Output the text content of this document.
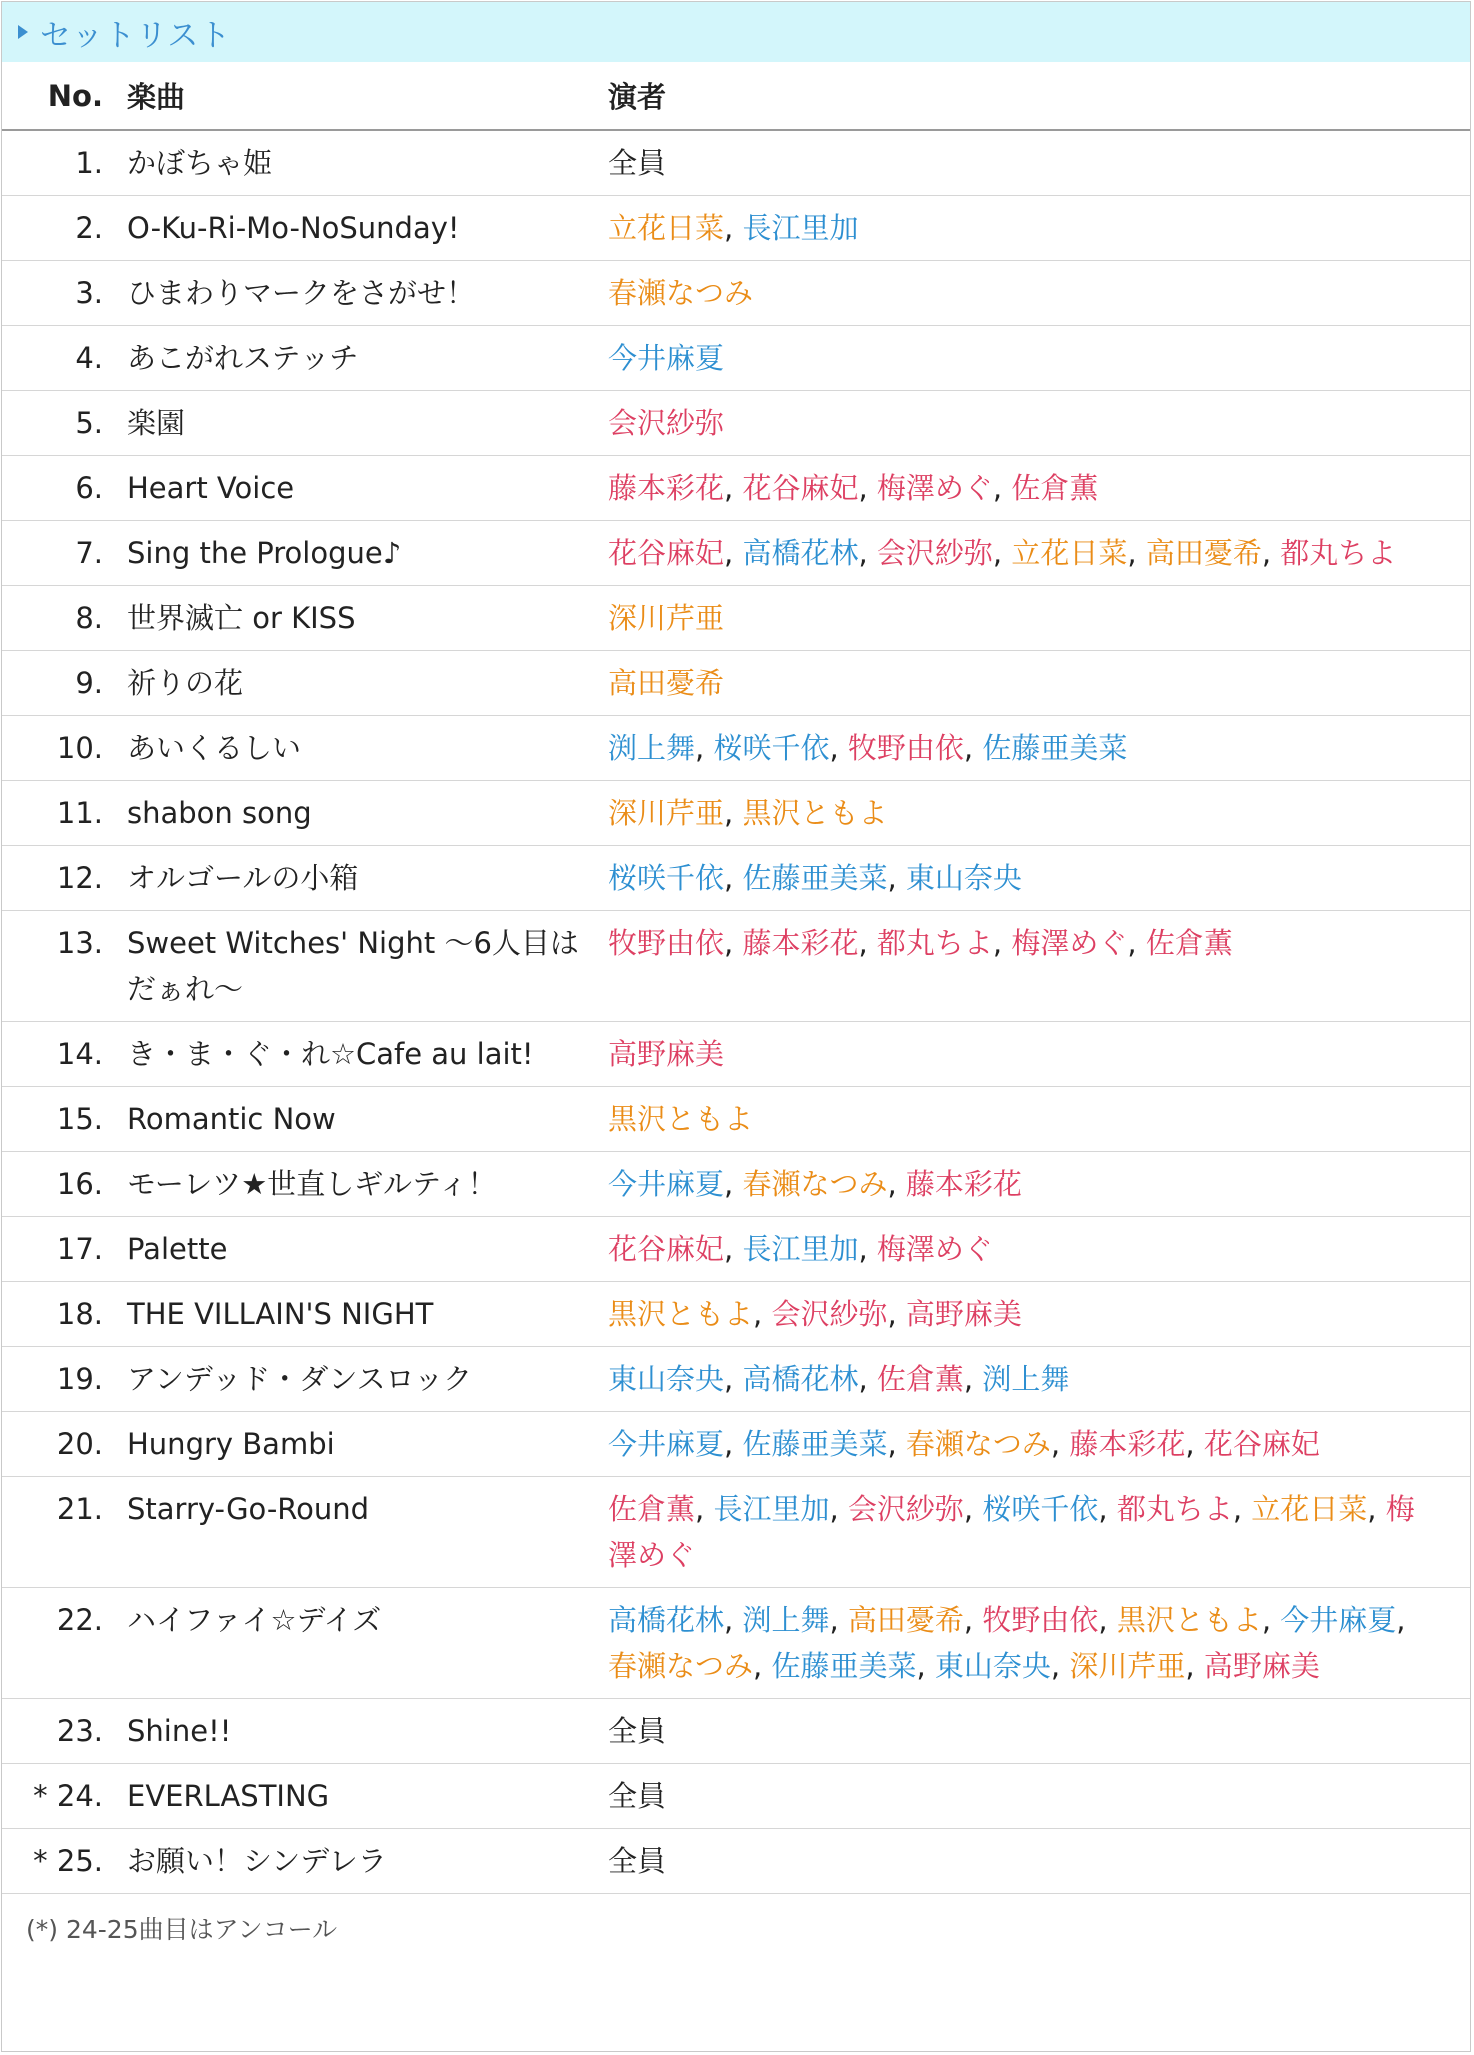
セットリスト
No.	楽曲	演者
1.	かぼちゃ姫	全員
2.	O-Ku-Ri-Mo-NoSunday!	立花日菜, 長江里加
3.	ひまわりマークをさがせ！	春瀬なつみ
4.	あこがれステッチ	今井麻夏
5.	楽園	会沢紗弥
6.	Heart Voice	藤本彩花, 花谷麻妃, 梅澤めぐ, 佐倉薫
7.	Sing the Prologue♪	花谷麻妃, 高橋花林, 会沢紗弥, 立花日菜, 高田憂希, 都丸ちよ
8.	世界滅亡 or KISS	深川芹亜
9.	祈りの花	高田憂希
10.	あいくるしい	渕上舞, 桜咲千依, 牧野由依, 佐藤亜美菜
11.	shabon song	深川芹亜, 黒沢ともよ
12.	オルゴールの小箱	桜咲千依, 佐藤亜美菜, 東山奈央
13.	Sweet Witches' Night 〜6人目はだぁれ〜	牧野由依, 藤本彩花, 都丸ちよ, 梅澤めぐ, 佐倉薫
14.	き・ま・ぐ・れ☆Cafe au lait!	高野麻美
15.	Romantic Now	黒沢ともよ
16.	モーレツ★世直しギルティ！	今井麻夏, 春瀬なつみ, 藤本彩花
17.	Palette	花谷麻妃, 長江里加, 梅澤めぐ
18.	THE VILLAIN'S NIGHT	黒沢ともよ, 会沢紗弥, 高野麻美
19.	アンデッド・ダンスロック	東山奈央, 高橋花林, 佐倉薫, 渕上舞
20.	Hungry Bambi	今井麻夏, 佐藤亜美菜, 春瀬なつみ, 藤本彩花, 花谷麻妃
21.	Starry-Go-Round	佐倉薫, 長江里加, 会沢紗弥, 桜咲千依, 都丸ちよ, 立花日菜, 梅澤めぐ
22.	ハイファイ☆デイズ	高橋花林, 渕上舞, 高田憂希, 牧野由依, 黒沢ともよ, 今井麻夏, 春瀬なつみ, 佐藤亜美菜, 東山奈央, 深川芹亜, 高野麻美
23.	Shine!!	全員
* 24.	EVERLASTING	全員
* 25.	お願い！シンデレラ	全員
(*) 24-25曲目はアンコール
